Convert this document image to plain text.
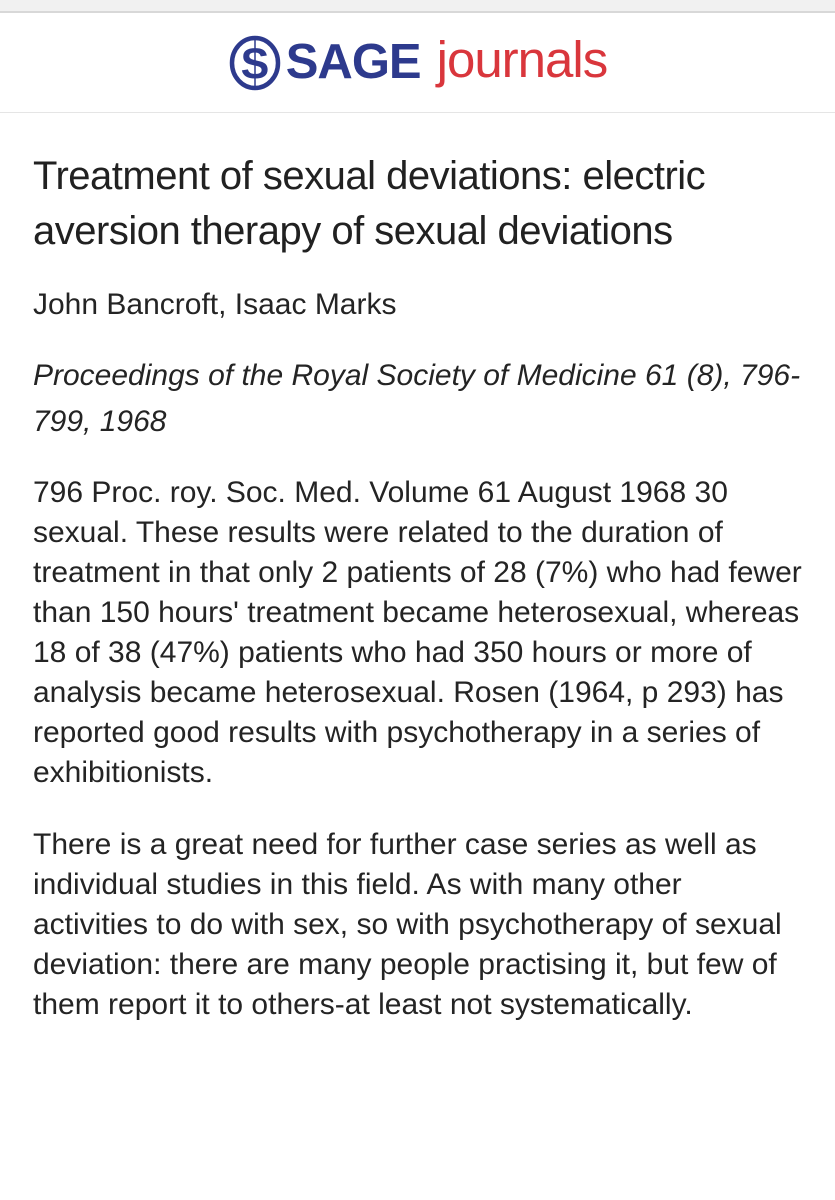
S SAGE journals
Treatment of sexual deviations: electric aversion therapy of sexual deviations
John Bancroft, Isaac Marks
Proceedings of the Royal Society of Medicine 61 (8), 796-799, 1968

796 Proc. roy. Soc. Med. Volume 61 August 1968 30 sexual. These results were related to the duration of treatment in that only 2 patients of 28 (7%) who had fewer than 150 hours' treatment became heterosexual, whereas 18 of 38 (47%) patients who had 350 hours or more of analysis became heterosexual. Rosen (1964, p 293) has reported good results with psychotherapy in a series of exhibitionists.

There is a great need for further case series as well as individual studies in this field. As with many other activities to do with sex, so with psychotherapy of sexual deviation: there are many people practising it, but few of them report it to others-at least not systematically.
